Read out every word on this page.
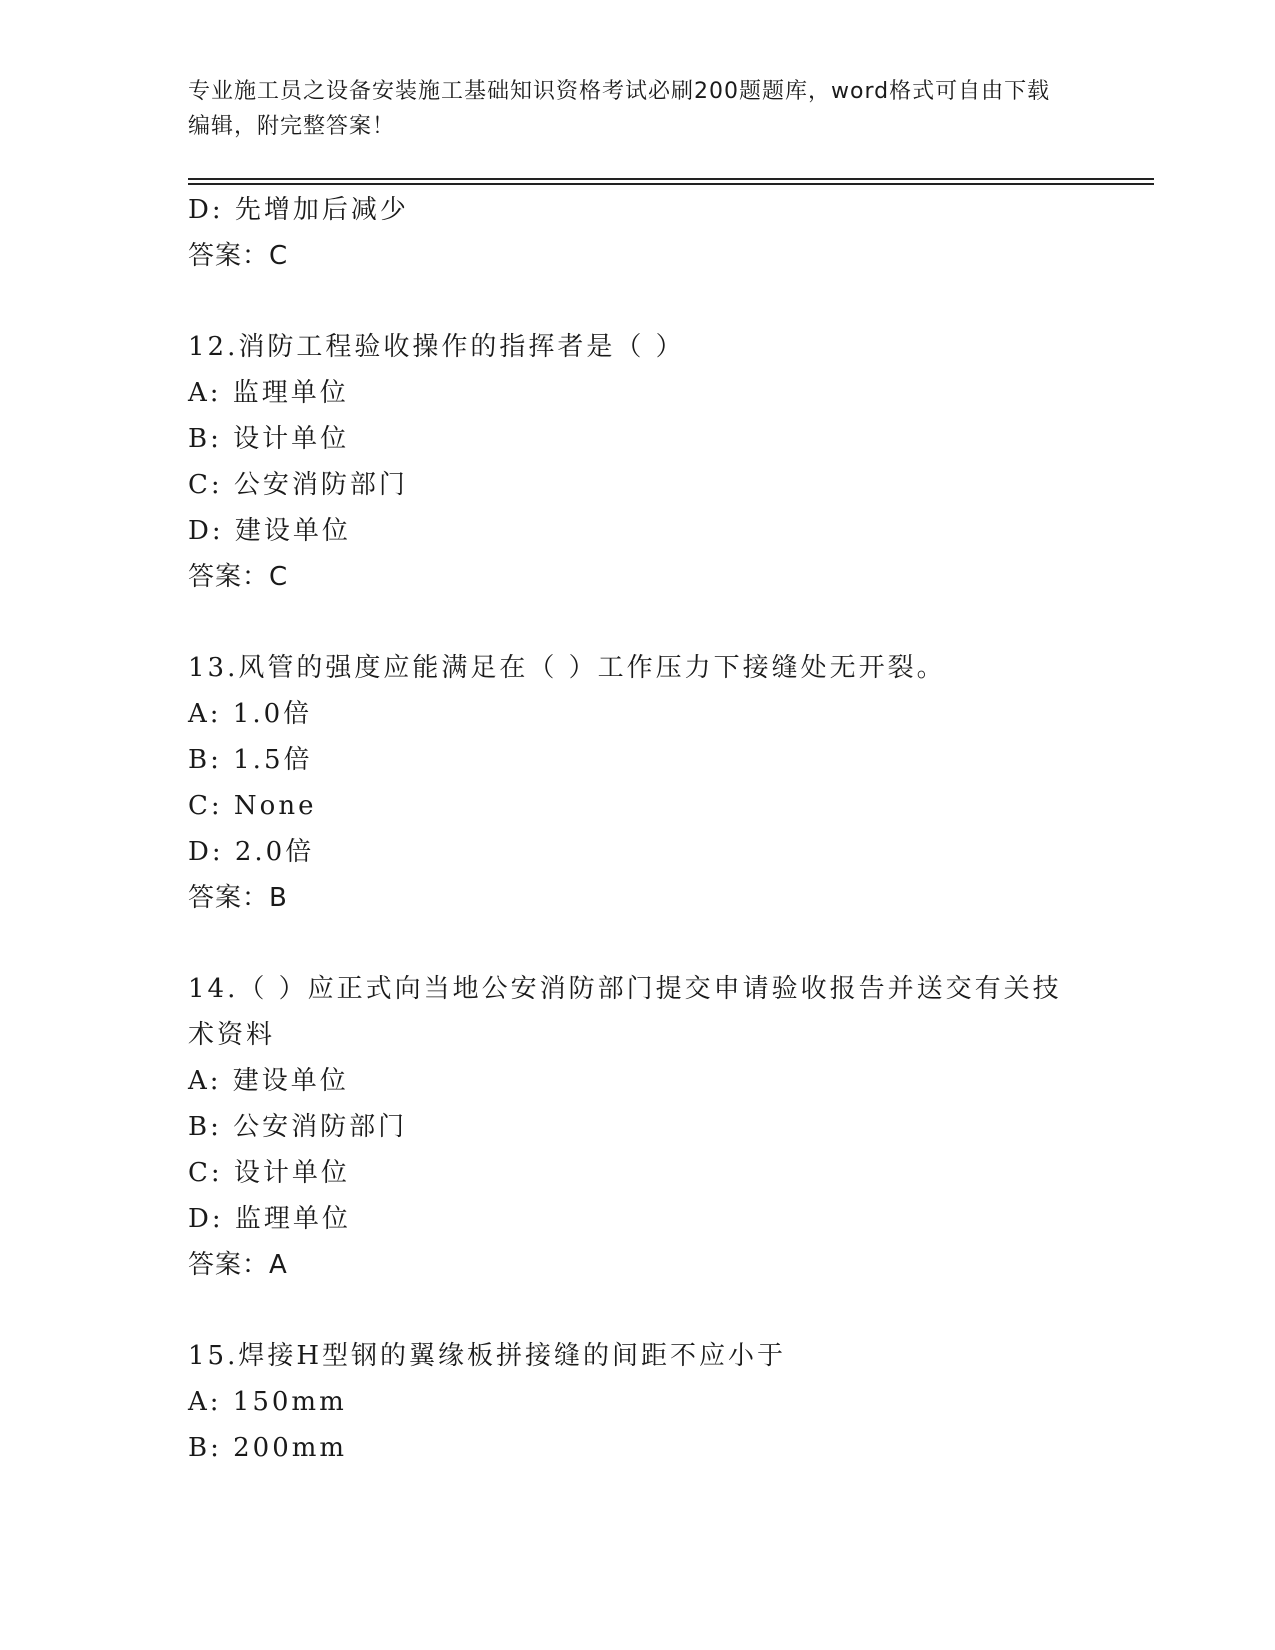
专业施工员之设备安装施工基础知识资格考试必刷200题题库，word格式可自由下载编辑，附完整答案！
D: 先增加后减少
答案：C
12.消防工程验收操作的指挥者是（ ）
A: 监理单位
B: 设计单位
C: 公安消防部门
D: 建设单位
答案：C
13.风管的强度应能满足在（ ）工作压力下接缝处无开裂。
A: 1.0倍
B: 1.5倍
C: None
D: 2.0倍
答案：B
14.（ ）应正式向当地公安消防部门提交申请验收报告并送交有关技术资料
A: 建设单位
B: 公安消防部门
C: 设计单位
D: 监理单位
答案：A
15.焊接H型钢的翼缘板拼接缝的间距不应小于
A: 150mm
B: 200mm
